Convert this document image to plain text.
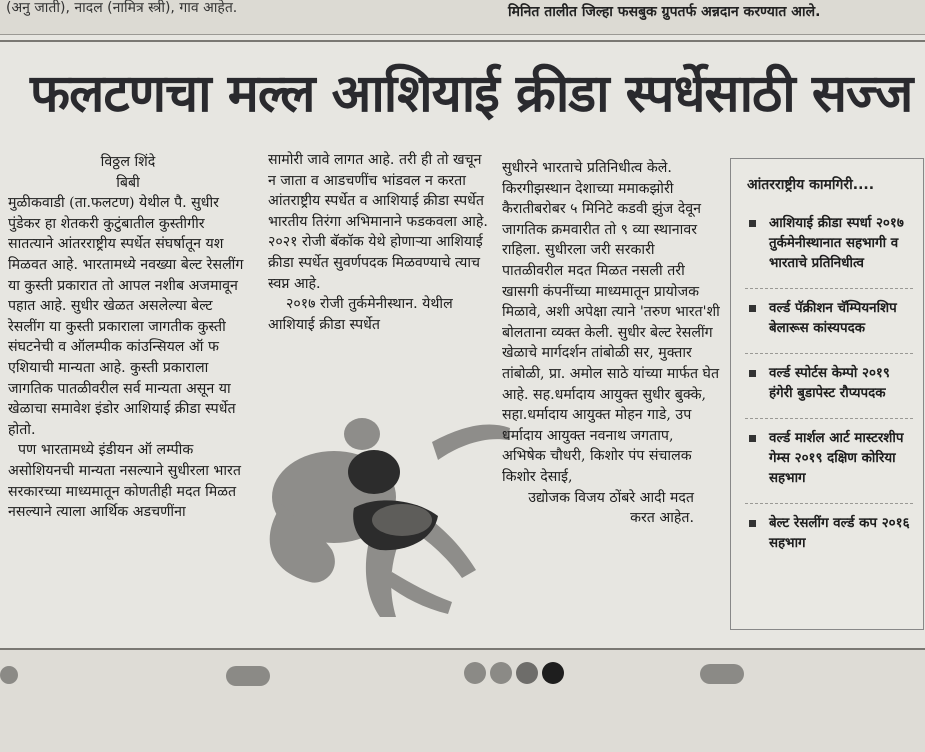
(अनु जाती), नादल (नामित्र स्त्री), गाव आहेत.	मिनित तालीत जिल्हा फसबुक ग्रुपतर्फ अन्नदान करण्यात आले.
फलटणचा मल्ल आशियाई क्रीडा स्पर्धेसाठी सज्ज

विठ्ठल शिंदे

बिबी

मुळीकवाडी (ता.फलटण) येथील पै. सुधीर पुंडेकर हा शेतकरी कुटुंबातील कुस्तीगीर सातत्याने आंतरराष्ट्रीय स्पर्धेत संघर्षातून यश मिळवत आहे. भारतामध्ये नवख्या बेल्ट रेसलींग या कुस्ती प्रकारात तो आपल नशीब अजमावून पहात आहे. सुधीर खेळत असलेल्या बेल्ट रेसलींग या कुस्ती प्रकाराला जागतीक कुस्ती संघटनेची व ऑलम्पीक कांउन्सियल ऑ फ एशियाची मान्यता आहे. कुस्ती प्रकाराला जागतिक पातळीवरील सर्व मान्यता असून या खेळाचा समावेश इंडोर आशियाई क्रीडा स्पर्धेत होतो.

पण भारतामध्ये इंडीयन ऑ लम्पीक असोशियनची मान्यता नसल्याने सुधीरला भारत सरकारच्या माध्यमातून कोणतीही मदत मिळत नसल्याने त्याला आर्थिक अडचणींना

सामोरी जावे लागत आहे. तरी ही तो खचून न जाता व आडचणींच भांडवल न करता आंतराष्ट्रीय स्पर्धेत व आशियाई क्रीडा स्पर्धेत भारतीय तिरंगा अभिमानाने फडकवला आहे. २०२१ रोजी बॅकॉक येथे होणाऱ्या आशियाई क्रीडा स्पर्धेत सुवर्णपदक मिळवण्याचे त्याच स्वप्न आहे.

२०१७ रोजी तुर्कमेनीस्थान. येथील आशियाई क्रीडा स्पर्धेत

सुधीरने भारताचे प्रतिनिधीत्व केले. किरगीझस्थान देशाच्या ममाकझोरी कैरातीबरोबर ५ मिनिटे कडवी झुंज देवून जागतिक क्रमवारीत तो ९ व्या स्थानावर राहिला. सुधीरला जरी सरकारी पातळीवरील मदत मिळत नसली तरी खासगी कंपनींच्या माध्यमातून प्रायोजक मिळावे, अशी अपेक्षा त्याने 'तरुण भारत'शी बोलताना व्यक्त केली. सुधीर बेल्ट रेसलींग खेळाचे मार्गदर्शन तांबोळी सर, मुक्तार तांबोळी, प्रा. अमोल साठे यांच्या मार्फत घेत आहे. सह.धर्मादाय आयुक्त सुधीर बुक्के, सहा.धर्मादाय आयुक्त मोहन गाडे, उप धर्मादाय आयुक्त नवनाथ जगताप, अभिषेक चौधरी, किशोर पंप संचालक किशोर देसाई,

उद्योजक विजय ठोंबरे आदी मदत करत आहेत.

आंतरराष्ट्रीय कामगिरी....
आशियाई क्रीडा स्पर्धा २०१७ तुर्कमेनीस्थानात सहभागी व भारताचे प्रतिनिधीत्व
वर्ल्ड पॅक्रीशन चॅम्पियनशिप बेलारूस कांस्यपदक
वर्ल्ड स्पोर्टस केम्पो २०१९ हंगेरी बुडापेस्ट रौप्यपदक
वर्ल्ड मार्शल आर्ट मास्टरशीप गेम्स २०१९ दक्षिण कोरिया सहभाग
बेल्ट रेसलींग वर्ल्ड कप २०१६ सहभाग
